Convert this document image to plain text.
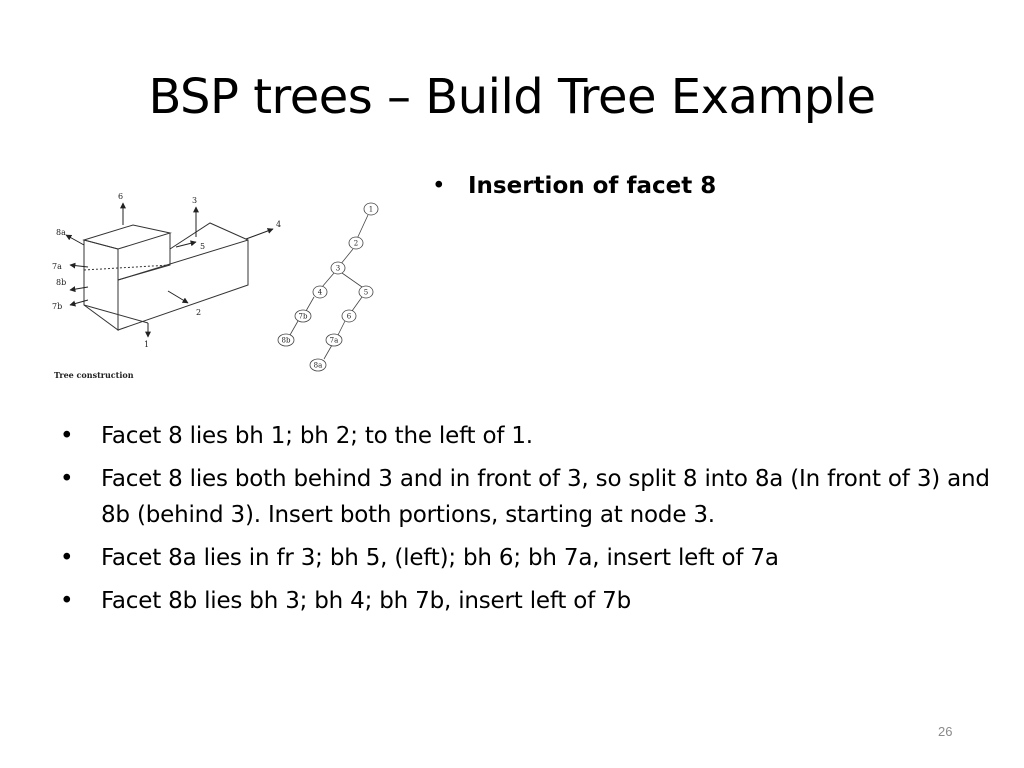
BSP trees – Build Tree Example
6	3
4
5
8a
7a
8b
7b
2
1
1
2
3
4	5
7b	6
8b	7a
8a
Tree construction
• Insertion of facet 8
• Facet 8 lies bh 1; bh 2; to the left of 1.
• Facet 8 lies both behind 3 and in front of 3, so split 8 into 8a (In front of 3) and 8b (behind 3). Insert both portions, starting at node 3.
• Facet 8a lies in fr 3; bh 5, (left); bh 6; bh 7a, insert left of 7a
• Facet 8b lies bh 3; bh 4; bh 7b, insert left of 7b
26
